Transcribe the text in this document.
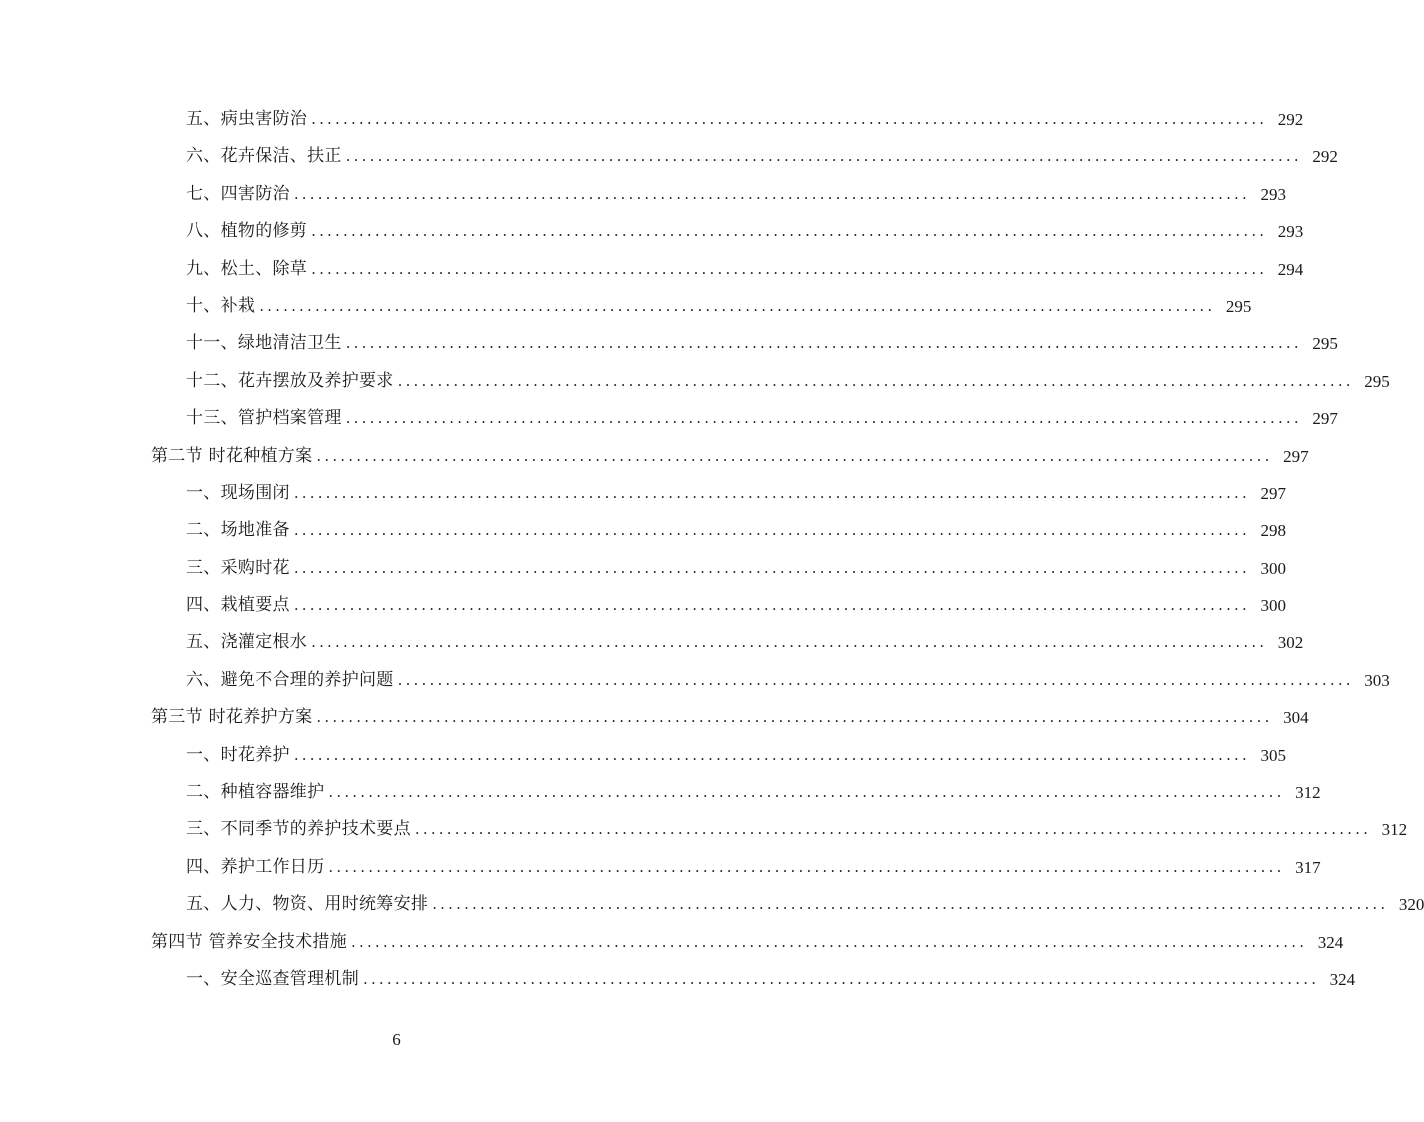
五、病虫害防治 ........................................................................................................................ 292
六、花卉保洁、扶正 ........................................................................................................................ 292
七、四害防治 ........................................................................................................................ 293
八、植物的修剪 ........................................................................................................................ 293
九、松土、除草 ........................................................................................................................ 294
十、补栽 ........................................................................................................................ 295
十一、绿地清洁卫生 ........................................................................................................................ 295
十二、花卉摆放及养护要求 ........................................................................................................................ 295
十三、管护档案管理 ........................................................................................................................ 297
第二节 时花种植方案 ........................................................................................................................ 297
一、现场围闭 ........................................................................................................................ 297
二、场地准备 ........................................................................................................................ 298
三、采购时花 ........................................................................................................................ 300
四、栽植要点 ........................................................................................................................ 300
五、浇灌定根水 ........................................................................................................................ 302
六、避免不合理的养护问题 ........................................................................................................................ 303
第三节 时花养护方案 ........................................................................................................................ 304
一、时花养护 ........................................................................................................................ 305
二、种植容器维护 ........................................................................................................................ 312
三、不同季节的养护技术要点 ........................................................................................................................ 312
四、养护工作日历 ........................................................................................................................ 317
五、人力、物资、用时统筹安排 ........................................................................................................................ 320
第四节 管养安全技术措施 ........................................................................................................................ 324
一、安全巡查管理机制 ........................................................................................................................ 324
6
